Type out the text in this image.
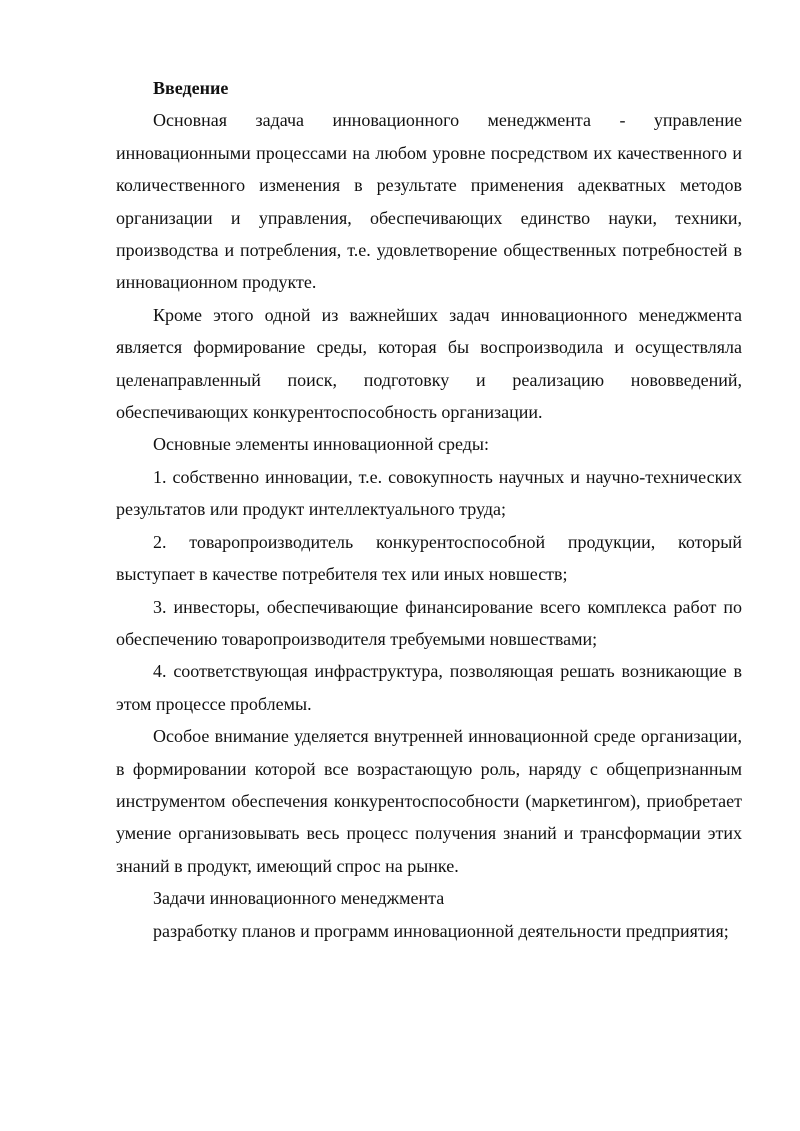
Введение

Основная задача инновационного менеджмента - управление инновационными процессами на любом уровне посредством их качественного и количественного изменения в результате применения адекватных методов организации и управления, обеспечивающих единство науки, техники, производства и потребления, т.е. удовлетворение общественных потребностей в инновационном продукте.

Кроме этого одной из важнейших задач инновационного менеджмента является формирование среды, которая бы воспроизводила и осуществляла целенаправленный поиск, подготовку и реализацию нововведений, обеспечивающих конкурентоспособность организации.

Основные элементы инновационной среды:

1. собственно инновации, т.е. совокупность научных и научно-технических результатов или продукт интеллектуального труда;

2. товаропроизводитель конкурентоспособной продукции, который выступает в качестве потребителя тех или иных новшеств;

3. инвесторы, обеспечивающие финансирование всего комплекса работ по обеспечению товаропроизводителя требуемыми новшествами;

4. соответствующая инфраструктура, позволяющая решать возникающие в этом процессе проблемы.

Особое внимание уделяется внутренней инновационной среде организации, в формировании которой все возрастающую роль, наряду с общепризнанным инструментом обеспечения конкурентоспособности (маркетингом), приобретает умение организовывать весь процесс получения знаний и трансформации этих знаний в продукт, имеющий спрос на рынке.

Задачи инновационного менеджмента

разработку планов и программ инновационной деятельности предприятия;
